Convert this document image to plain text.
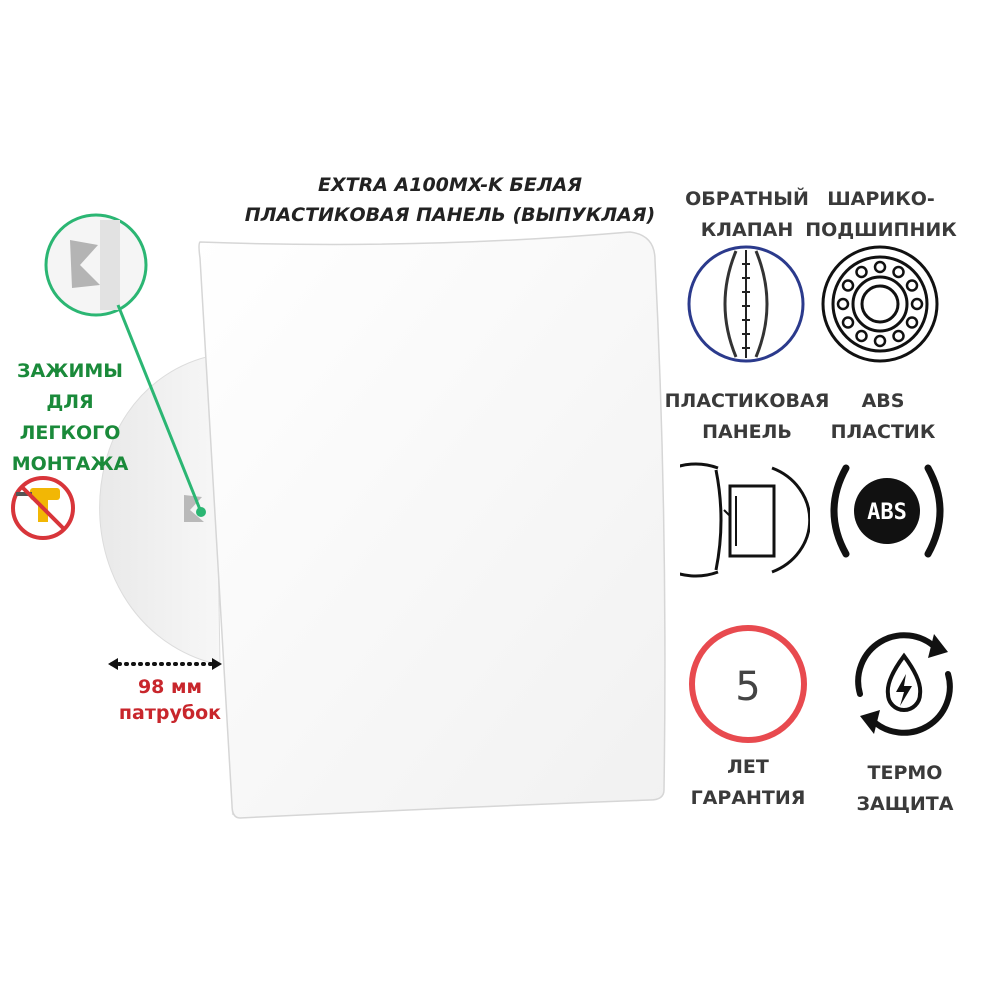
EXTRA A100MX-K БЕЛАЯ
ПЛАСТИКОВАЯ ПАНЕЛЬ (ВЫПУКЛАЯ)
ЗАЖИМЫ
ДЛЯ
ЛЕГКОГО
МОНТАЖА
98 мм
патрубок
ОБРАТНЫЙ
КЛАПАН
ШАРИКО-
ПОДШИПНИК
ПЛАСТИКОВАЯ
ПАНЕЛЬ
ABS
ПЛАСТИК
ABS
5
ЛЕТ
ГАРАНТИЯ
ТЕРМО
ЗАЩИТА
